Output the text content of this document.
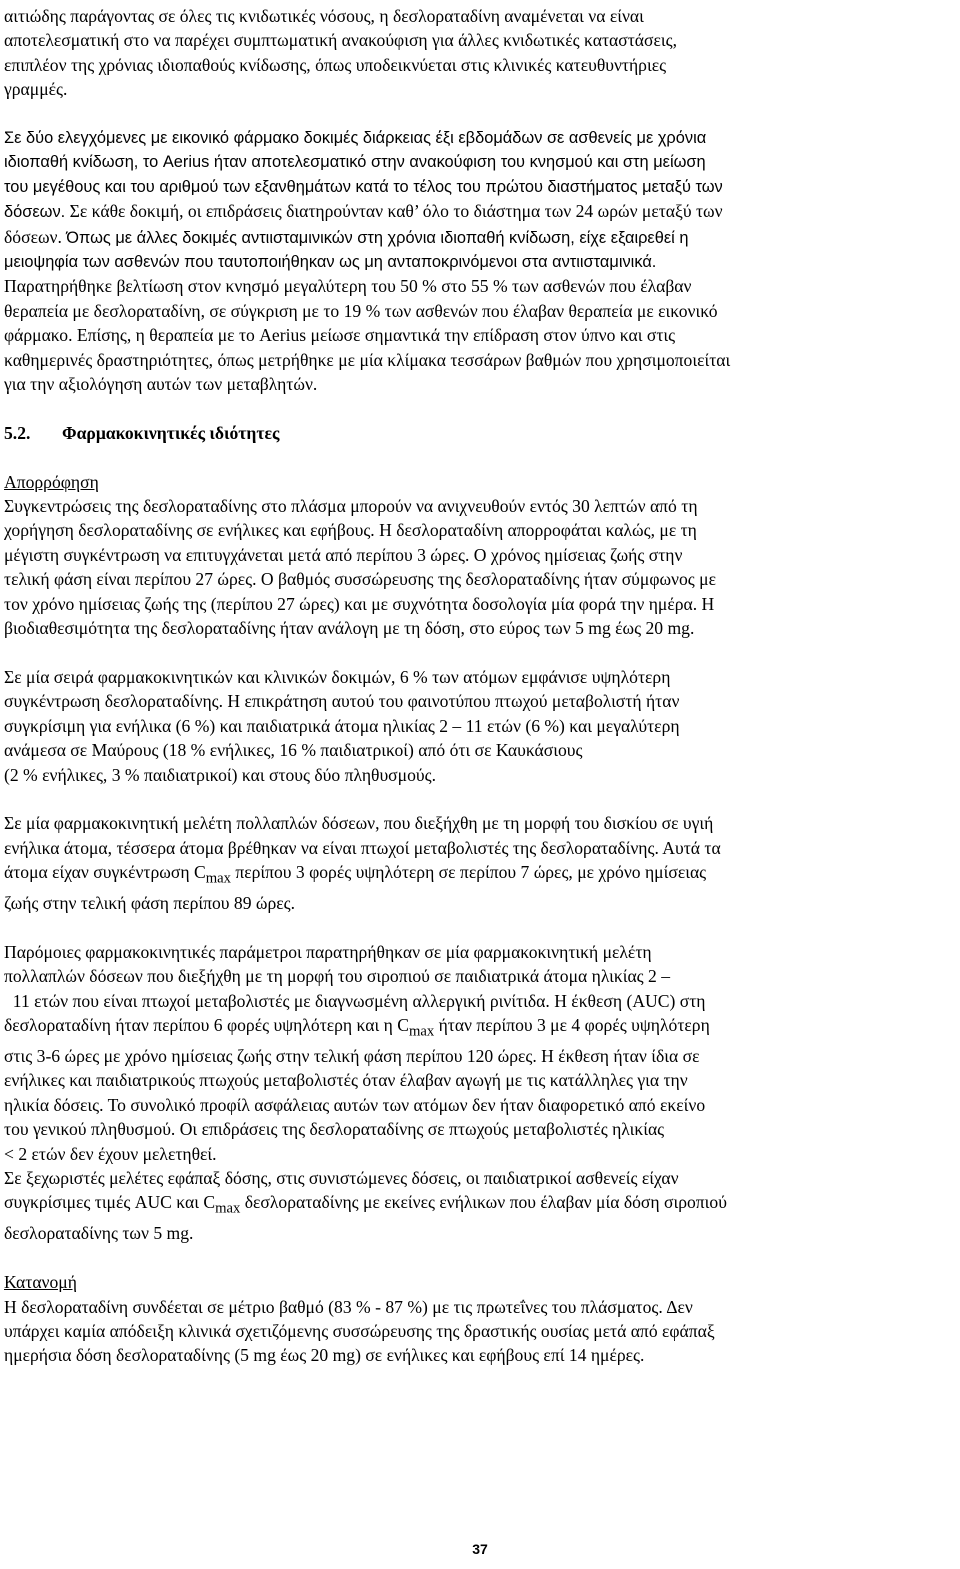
αιτιώδης παράγοντας σε όλες τις κνιδωτικές νόσους, η δεσλοραταδίνη αναμένεται να είναι
αποτελεσματική στο να παρέχει συμπτωματική ανακούφιση για άλλες κνιδωτικές καταστάσεις,
επιπλέον της χρόνιας ιδιοπαθούς κνίδωσης, όπως υποδεικνύεται στις κλινικές κατευθυντήριες
γραμμές.

Σε δύο ελεγχόμενες με εικονικό φάρμακο δοκιμές διάρκειας έξι εβδομάδων σε ασθενείς με χρόνια
ιδιοπαθή κνίδωση, το Aerius ήταν αποτελεσματικό στην ανακούφιση του κνησμού και στη μείωση
του μεγέθους και του αριθμού των εξανθημάτων κατά το τέλος του πρώτου διαστήματος μεταξύ των
δόσεων. Σε κάθε δοκιμή, οι επιδράσεις διατηρούνταν καθ’ όλο το διάστημα των 24 ωρών μεταξύ των
δόσεων. Όπως με άλλες δοκιμές αντιισταμινικών στη χρόνια ιδιοπαθή κνίδωση, είχε εξαιρεθεί η
μειοψηφία των ασθενών που ταυτοποιήθηκαν ως μη ανταποκρινόμενοι στα αντιισταμινικά.
Παρατηρήθηκε βελτίωση στον κνησμό μεγαλύτερη του 50 % στο 55 % των ασθενών που έλαβαν
θεραπεία με δεσλοραταδίνη, σε σύγκριση με το 19 % των ασθενών που έλαβαν θεραπεία με εικονικό
φάρμακο. Επίσης, η θεραπεία με το Aerius μείωσε σημαντικά την επίδραση στον ύπνο και στις
καθημερινές δραστηριότητες, όπως μετρήθηκε με μία κλίμακα τεσσάρων βαθμών που χρησιμοποιείται
για την αξιολόγηση αυτών των μεταβλητών.

5.2. Φαρμακοκινητικές ιδιότητες

Απορρόφηση

Συγκεντρώσεις της δεσλοραταδίνης στο πλάσμα μπορούν να ανιχνευθούν εντός 30 λεπτών από τη
χορήγηση δεσλοραταδίνης σε ενήλικες και εφήβους. Η δεσλοραταδίνη απορροφάται καλώς, με τη
μέγιστη συγκέντρωση να επιτυγχάνεται μετά από περίπου 3 ώρες. Ο χρόνος ημίσειας ζωής στην
τελική φάση είναι περίπου 27 ώρες. Ο βαθμός συσσώρευσης της δεσλοραταδίνης ήταν σύμφωνος με
τον χρόνο ημίσειας ζωής της (περίπου 27 ώρες) και με συχνότητα δοσολογία μία φορά την ημέρα. Η
βιοδιαθεσιμότητα της δεσλοραταδίνης ήταν ανάλογη με τη δόση, στο εύρος των 5 mg έως 20 mg.

Σε μία σειρά φαρμακοκινητικών και κλινικών δοκιμών, 6 % των ατόμων εμφάνισε υψηλότερη
συγκέντρωση δεσλοραταδίνης. Η επικράτηση αυτού του φαινοτύπου πτωχού μεταβολιστή ήταν
συγκρίσιμη για ενήλικα (6 %) και παιδιατρικά άτομα ηλικίας 2 – 11 ετών (6 %) και μεγαλύτερη
ανάμεσα σε Μαύρους (18 % ενήλικες, 16 % παιδιατρικοί) από ότι σε Καυκάσιους
(2 % ενήλικες, 3 % παιδιατρικοί) και στους δύο πληθυσμούς.

Σε μία φαρμακοκινητική μελέτη πολλαπλών δόσεων, που διεξήχθη με τη μορφή του δισκίου σε υγιή
ενήλικα άτομα, τέσσερα άτομα βρέθηκαν να είναι πτωχοί μεταβολιστές της δεσλοραταδίνης. Αυτά τα
άτομα είχαν συγκέντρωση $C_{max}$ περίπου 3 φορές υψηλότερη σε περίπου 7 ώρες, με χρόνο ημίσειας
ζωής στην τελική φάση περίπου 89 ώρες.

Παρόμοιες φαρμακοκινητικές παράμετροι παρατηρήθηκαν σε μία φαρμακοκινητική μελέτη
πολλαπλών δόσεων που διεξήχθη με τη μορφή του σιροπιού σε παιδιατρικά άτομα ηλικίας 2 –
11 ετών που είναι πτωχοί μεταβολιστές με διαγνωσμένη αλλεργική ρινίτιδα. Η έκθεση (AUC) στη
δεσλοραταδίνη ήταν περίπου 6 φορές υψηλότερη και η $C_{max}$ ήταν περίπου 3 με 4 φορές υψηλότερη
στις 3-6 ώρες με χρόνο ημίσειας ζωής στην τελική φάση περίπου 120 ώρες. Η έκθεση ήταν ίδια σε
ενήλικες και παιδιατρικούς πτωχούς μεταβολιστές όταν έλαβαν αγωγή με τις κατάλληλες για την
ηλικία δόσεις. Το συνολικό προφίλ ασφάλειας αυτών των ατόμων δεν ήταν διαφορετικό από εκείνο
του γενικού πληθυσμού. Οι επιδράσεις της δεσλοραταδίνης σε πτωχούς μεταβολιστές ηλικίας
< 2 ετών δεν έχουν μελετηθεί.

Σε ξεχωριστές μελέτες εφάπαξ δόσης, στις συνιστώμενες δόσεις, οι παιδιατρικοί ασθενείς είχαν
συγκρίσιμες τιμές AUC και $C_{max}$ δεσλοραταδίνης με εκείνες ενήλικων που έλαβαν μία δόση σιροπιού
δεσλοραταδίνης των 5 mg.

Κατανομή

Η δεσλοραταδίνη συνδέεται σε μέτριο βαθμό (83 % - 87 %) με τις πρωτεΐνες του πλάσματος. Δεν
υπάρχει καμία απόδειξη κλινικά σχετιζόμενης συσσώρευσης της δραστικής ουσίας μετά από εφάπαξ
ημερήσια δόση δεσλοραταδίνης (5 mg έως 20 mg) σε ενήλικες και εφήβους επί 14 ημέρες.

37
